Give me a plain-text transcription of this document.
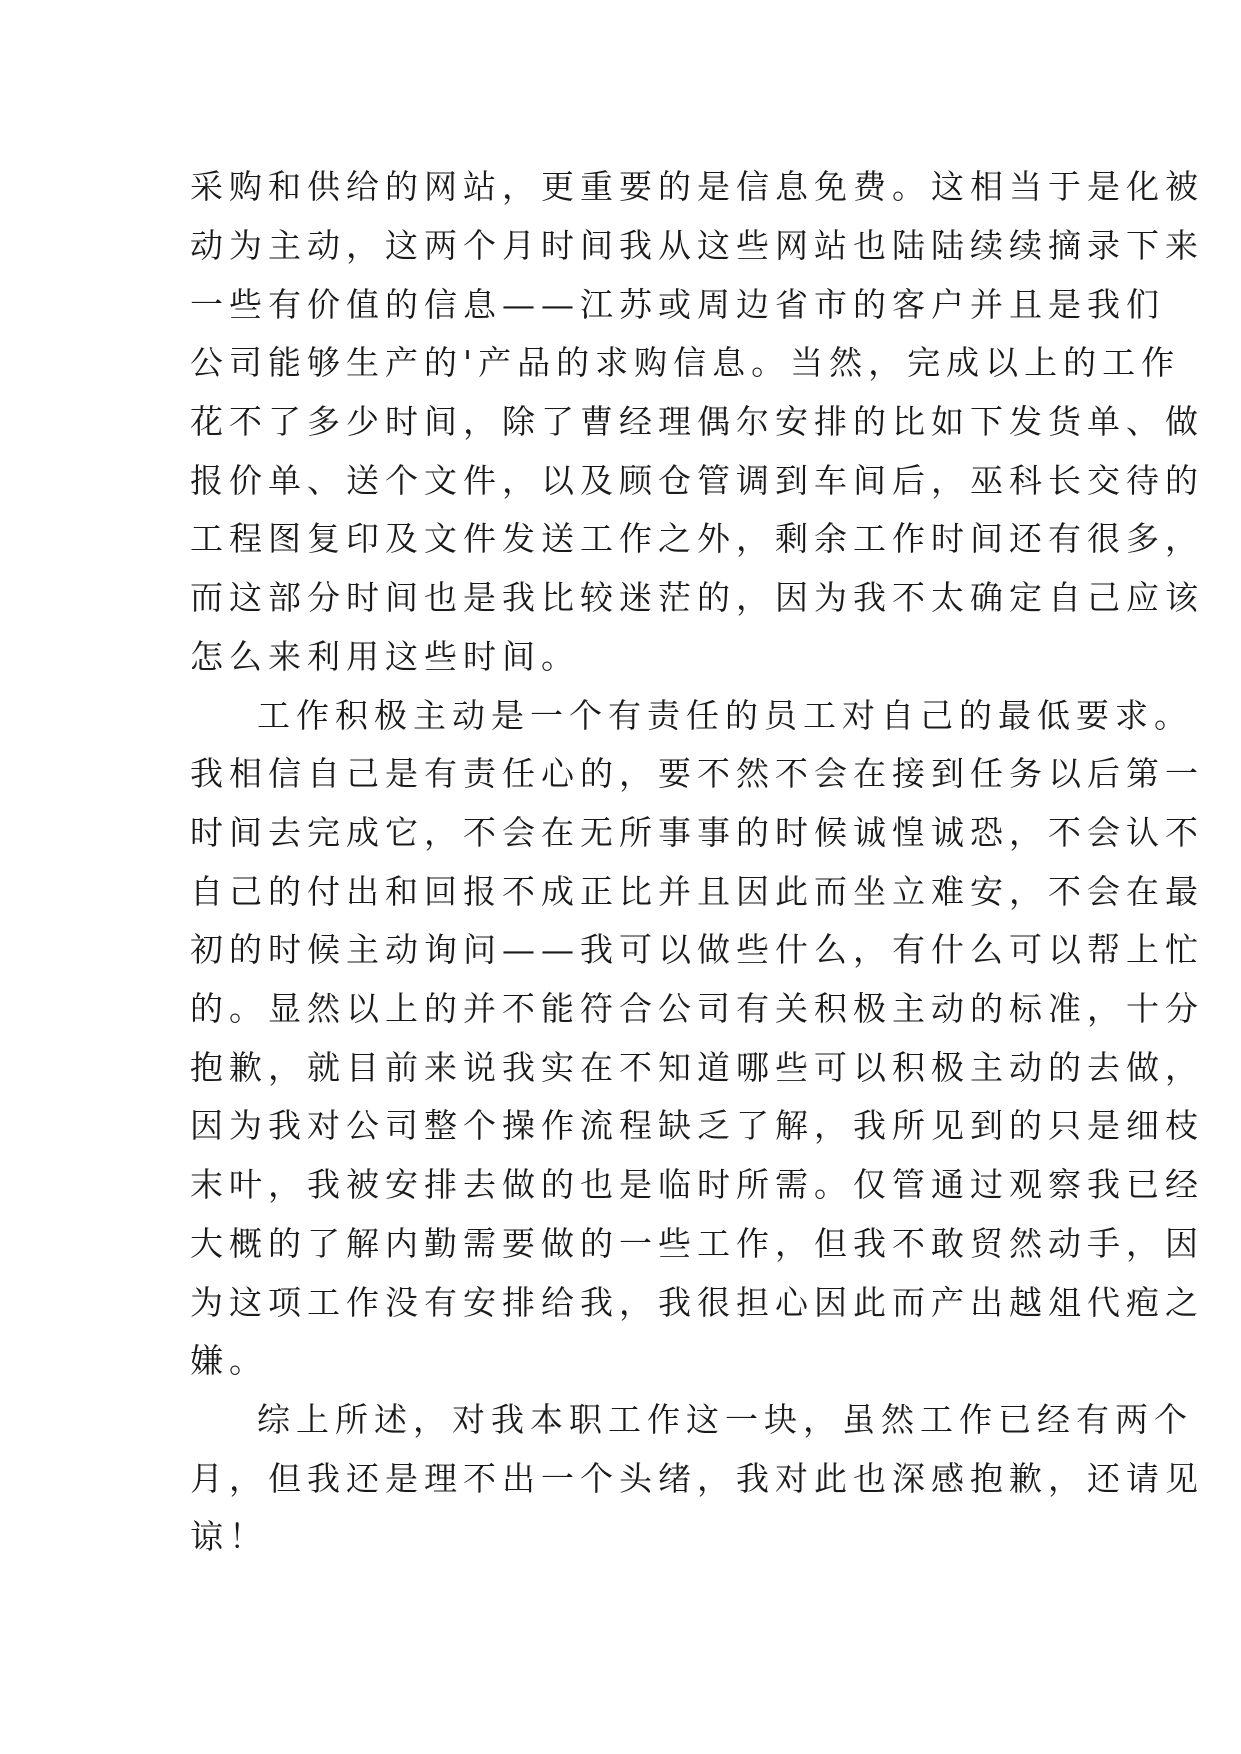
采购和供给的网站，更重要的是信息免费。这相当于是化被
动为主动，这两个月时间我从这些网站也陆陆续续摘录下来
一些有价值的信息——江苏或周边省市的客户并且是我们
公司能够生产的'产品的求购信息。当然，完成以上的工作
花不了多少时间，除了曹经理偶尔安排的比如下发货单、做
报价单、送个文件，以及顾仓管调到车间后，巫科长交待的
工程图复印及文件发送工作之外，剩余工作时间还有很多，
而这部分时间也是我比较迷茫的，因为我不太确定自己应该
怎么来利用这些时间。
工作积极主动是一个有责任的员工对自己的最低要求。
我相信自己是有责任心的，要不然不会在接到任务以后第一
时间去完成它，不会在无所事事的时候诚惶诚恐，不会认不
自己的付出和回报不成正比并且因此而坐立难安，不会在最
初的时候主动询问——我可以做些什么，有什么可以帮上忙
的。显然以上的并不能符合公司有关积极主动的标准，十分
抱歉，就目前来说我实在不知道哪些可以积极主动的去做，
因为我对公司整个操作流程缺乏了解，我所见到的只是细枝
末叶，我被安排去做的也是临时所需。仅管通过观察我已经
大概的了解内勤需要做的一些工作，但我不敢贸然动手，因
为这项工作没有安排给我，我很担心因此而产出越俎代疱之
嫌。
综上所述，对我本职工作这一块，虽然工作已经有两个
月，但我还是理不出一个头绪，我对此也深感抱歉，还请见
谅！
